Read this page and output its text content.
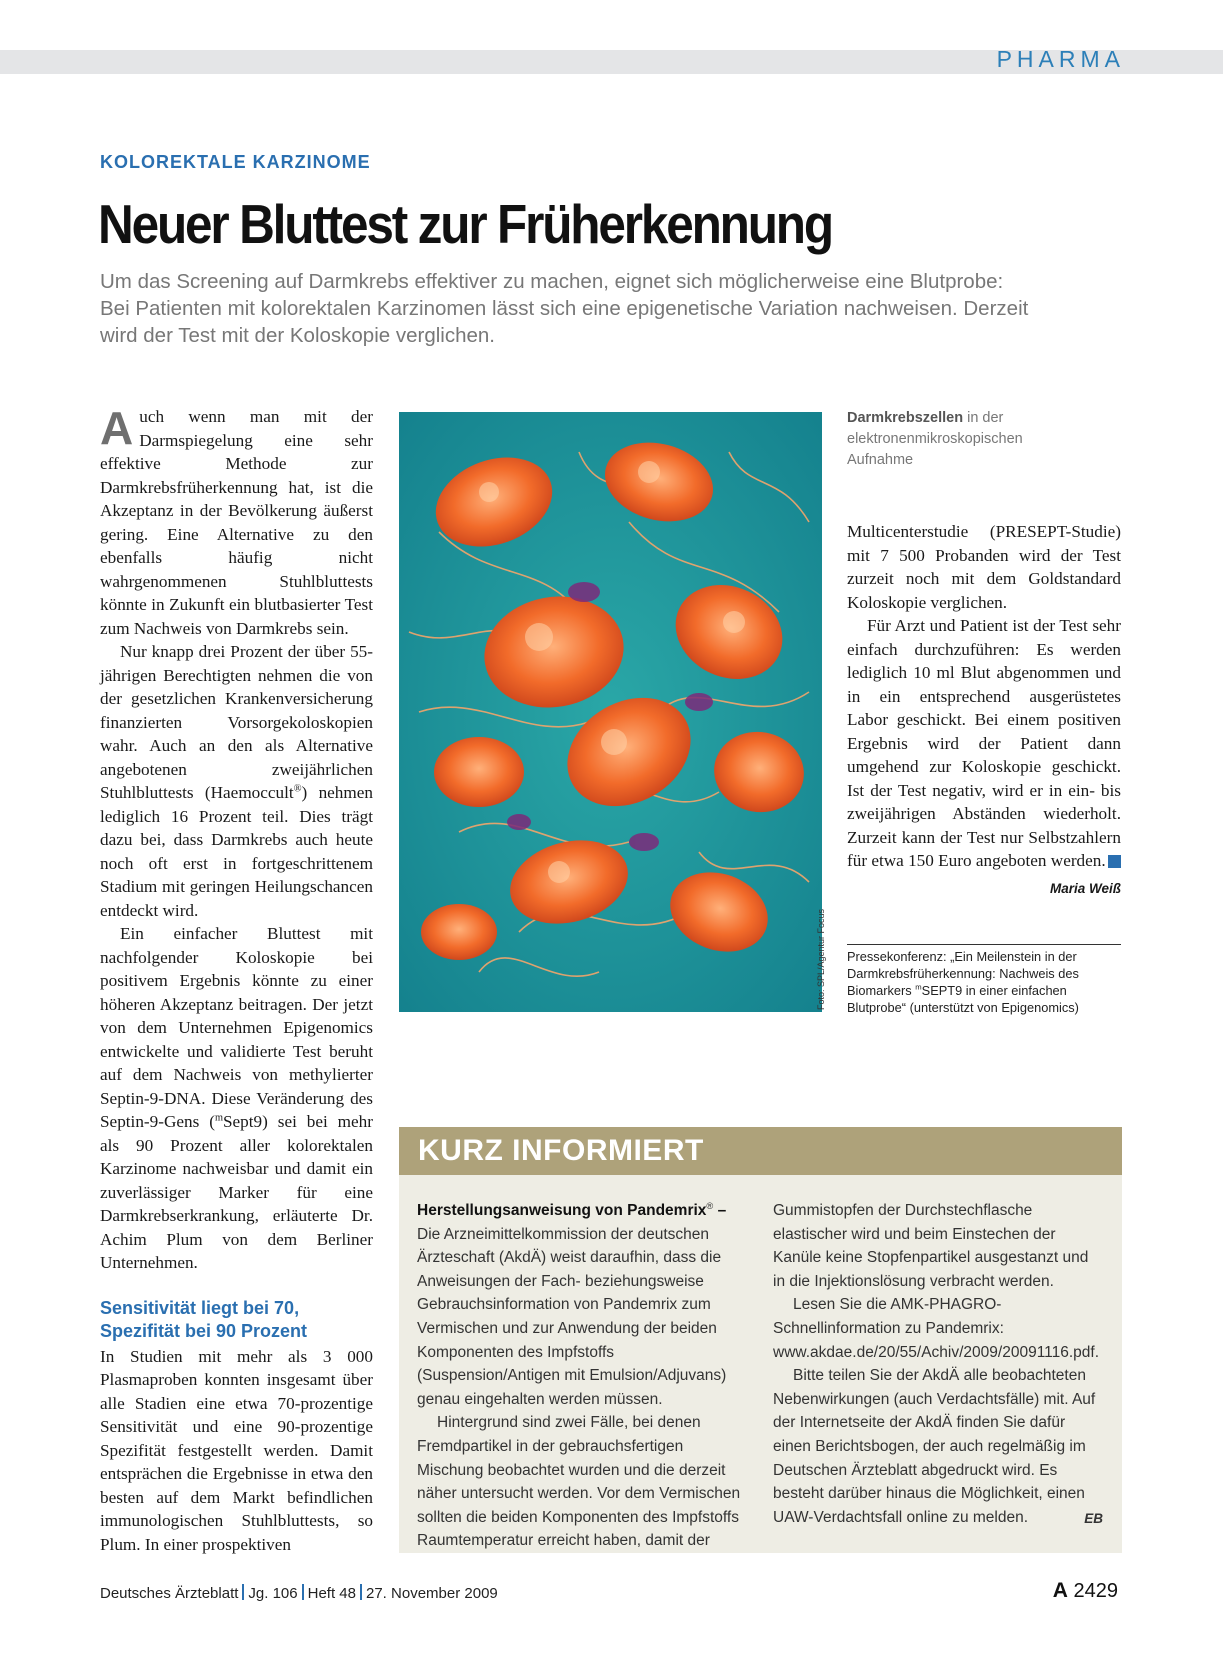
PHARMA
KOLOREKTALE KARZINOME
Neuer Bluttest zur Früherkennung

Um das Screening auf Darmkrebs effektiver zu machen, eignet sich möglicherweise eine Blutprobe: Bei Patienten mit kolorektalen Karzinomen lässt sich eine epigenetische Variation nachweisen. Derzeit wird der Test mit der Koloskopie verglichen.

Auch wenn man mit der Darmspiegelung eine sehr effektive Methode zur Darmkrebsfrüherkennung hat, ist die Akzeptanz in der Bevölkerung äußerst gering. Eine Alternative zu den ebenfalls häufig nicht wahrgenommenen Stuhlbluttests könnte in Zukunft ein blutbasierter Test zum Nachweis von Darmkrebs sein.

Nur knapp drei Prozent der über 55-jährigen Berechtigten nehmen die von der gesetzlichen Krankenversicherung finanzierten Vorsorgekoloskopien wahr. Auch an den als Alternative angebotenen zweijährlichen Stuhlbluttests (Haemoccult®) nehmen lediglich 16 Prozent teil. Dies trägt dazu bei, dass Darmkrebs auch heute noch oft erst in fortgeschrittenem Stadium mit geringen Heilungschancen entdeckt wird.

Ein einfacher Bluttest mit nachfolgender Koloskopie bei positivem Ergebnis könnte zu einer höheren Akzeptanz beitragen. Der jetzt von dem Unternehmen Epigenomics entwickelte und validierte Test beruht auf dem Nachweis von methylierter Septin-9-DNA. Diese Veränderung des Septin-9-Gens ($^m$Sept9) sei bei mehr als 90 Prozent aller kolorektalen Karzinome nachweisbar und damit ein zuverlässiger Marker für eine Darmkrebserkrankung, erläuterte Dr. Achim Plum von dem Berliner Unternehmen.

Sensitivität liegt bei 70, Spezifität bei 90 Prozent

In Studien mit mehr als 3 000 Plasmaproben konnten insgesamt über alle Stadien eine etwa 70-prozentige Sensitivität und eine 90-prozentige Spezifität festgestellt werden. Damit entsprächen die Ergebnisse in etwa den besten auf dem Markt befindlichen immunologischen Stuhlbluttests, so Plum. In einer prospektiven

Foto: SPL/Agentur Focus
Darmkrebszellen in der elektronenmikroskopischen Aufnahme

Multicenterstudie (PRESEPT-Studie) mit 7 500 Probanden wird der Test zurzeit noch mit dem Goldstandard Koloskopie verglichen.

Für Arzt und Patient ist der Test sehr einfach durchzuführen: Es werden lediglich 10 ml Blut abgenommen und in ein entsprechend ausgerüstetes Labor geschickt. Bei einem positiven Ergebnis wird der Patient dann umgehend zur Koloskopie geschickt. Ist der Test negativ, wird er in ein- bis zweijährigen Abständen wiederholt. Zurzeit kann der Test nur Selbstzahlern für etwa 150 Euro angeboten werden.

Maria Weiß
Pressekonferenz: „Ein Meilenstein in der Darmkrebsfrüherkennung: Nachweis des Biomarkers $^m$SEPT9 in einer einfachen Blutprobe“ (unterstützt von Epigenomics)
KURZ INFORMIERT

Herstellungsanweisung von Pandemrix® – Die Arzneimittelkommission der deutschen Ärzteschaft (AkdÄ) weist daraufhin, dass die Anweisungen der Fach- beziehungsweise Gebrauchsinformation von Pandemrix zum Vermischen und zur Anwendung der beiden Komponenten des Impfstoffs (Suspension/Antigen mit Emulsion/Adjuvans) genau eingehalten werden müssen.

Hintergrund sind zwei Fälle, bei denen Fremdpartikel in der gebrauchsfertigen Mischung beobachtet wurden und die derzeit näher untersucht werden. Vor dem Vermischen sollten die beiden Komponenten des Impfstoffs Raumtemperatur erreicht haben, damit der

Gummistopfen der Durchstechflasche elastischer wird und beim Einstechen der Kanüle keine Stopfenpartikel ausgestanzt und in die Injektionslösung verbracht werden.

Lesen Sie die AMK-PHAGRO-Schnellinformation zu Pandemrix: www.akdae.de/20/55/Achiv/2009/20091116.pdf.

Bitte teilen Sie der AkdÄ alle beobachteten Nebenwirkungen (auch Verdachtsfälle) mit. Auf der Internetseite der AkdÄ finden Sie dafür einen Berichtsbogen, der auch regelmäßig im Deutschen Ärzteblatt abgedruckt wird. Es besteht darüber hinaus die Möglichkeit, einen UAW-Verdachtsfall online zu melden.	EB
Deutsches Ärzteblatt Jg. 106 Heft 48 27. November 2009	A 2429
